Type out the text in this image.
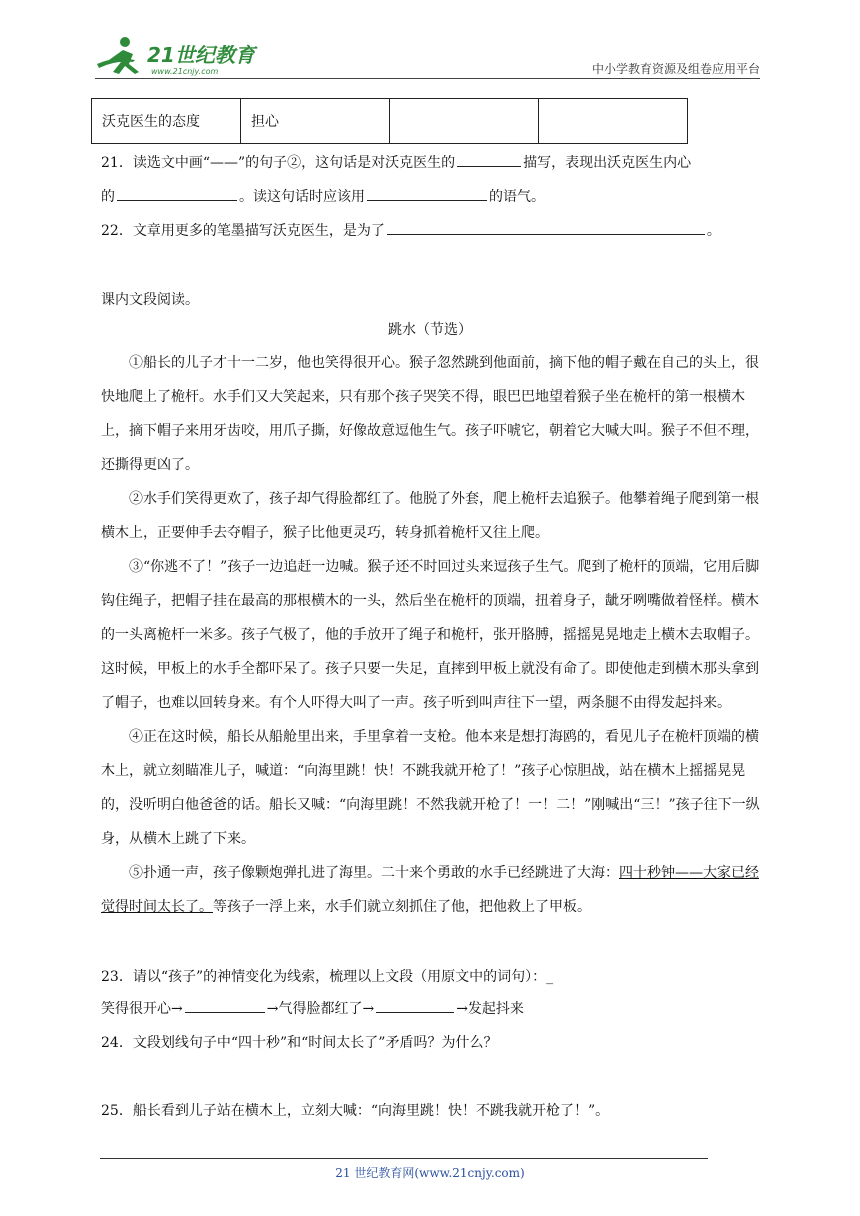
21世纪教育
www.21cnjy.com	中小学教育资源及组卷应用平台
沃克医生的态度	担心		
21．读选文中画“——”的句子②，这句话是对沃克医生的	描写，表现出沃克医生内心
的	。读这句话时应该用	的语气。
22．文章用更多的笔墨描写沃克医生，是为了	。
课内文段阅读。
跳水（节选）

①船长的儿子才十一二岁，他也笑得很开心。猴子忽然跳到他面前，摘下他的帽子戴在自己的头上，很快地爬上了桅杆。水手们又大笑起来，只有那个孩子哭笑不得，眼巴巴地望着猴子坐在桅杆的第一根横木上，摘下帽子来用牙齿咬，用爪子撕，好像故意逗他生气。孩子吓唬它，朝着它大喊大叫。猴子不但不理，还撕得更凶了。

②水手们笑得更欢了，孩子却气得脸都红了。他脱了外套，爬上桅杆去追猴子。他攀着绳子爬到第一根横木上，正要伸手去夺帽子，猴子比他更灵巧，转身抓着桅杆又往上爬。

③“你逃不了！”孩子一边追赶一边喊。猴子还不时回过头来逗孩子生气。爬到了桅杆的顶端，它用后脚钩住绳子，把帽子挂在最高的那根横木的一头，然后坐在桅杆的顶端，扭着身子，龇牙咧嘴做着怪样。横木的一头离桅杆一米多。孩子气极了，他的手放开了绳子和桅杆，张开胳膊，摇摇晃晃地走上横木去取帽子。这时候，甲板上的水手全都吓呆了。孩子只要一失足，直摔到甲板上就没有命了。即使他走到横木那头拿到了帽子，也难以回转身来。有个人吓得大叫了一声。孩子听到叫声往下一望，两条腿不由得发起抖来。

④正在这时候，船长从船舱里出来，手里拿着一支枪。他本来是想打海鸥的，看见儿子在桅杆顶端的横木上，就立刻瞄准儿子，喊道：“向海里跳！快！不跳我就开枪了！”孩子心惊胆战，站在横木上摇摇晃晃的，没听明白他爸爸的话。船长又喊：“向海里跳！不然我就开枪了！一！二！”刚喊出“三！”孩子往下一纵身，从横木上跳了下来。

⑤扑通一声，孩子像颗炮弹扎进了海里。二十来个勇敢的水手已经跳进了大海：四十秒钟——大家已经觉得时间太长了。等孩子一浮上来，水手们就立刻抓住了他，把他救上了甲板。

23．请以“孩子”的神情变化为线索，梳理以上文段（用原文中的词句）：_
笑得很开心→	→气得脸都红了→	→发起抖来
24．文段划线句子中“四十秒”和“时间太长了”矛盾吗？为什么？
25．船长看到儿子站在横木上，立刻大喊：“向海里跳！快！不跳我就开枪了！”。
21 世纪教育网(www.21cnjy.com)
